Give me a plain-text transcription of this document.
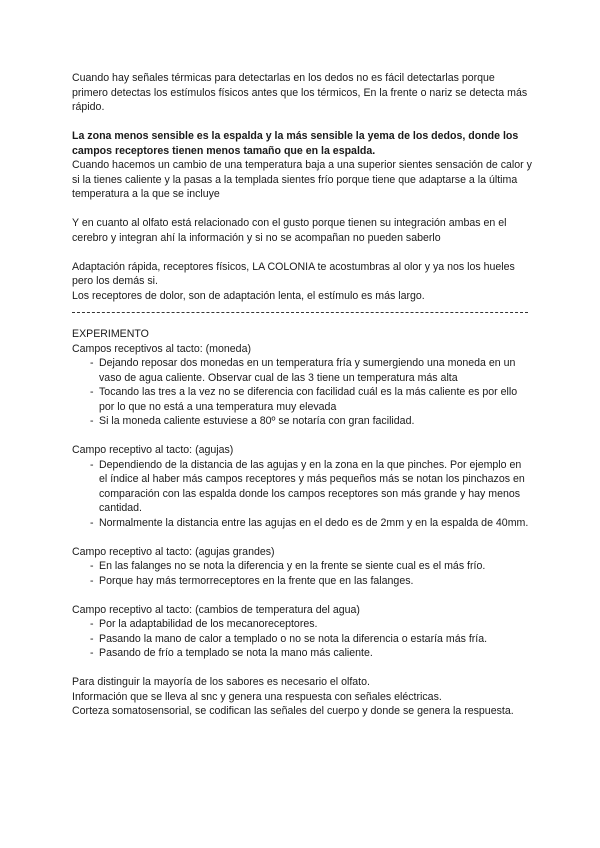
Cuando hay señales térmicas para detectarlas en los dedos no es fácil detectarlas porque primero detectas los estímulos físicos antes que los térmicos, En la frente o nariz se detecta más rápido.

La zona menos sensible es la espalda y la más sensible la yema de los dedos, donde los campos receptores tienen menos tamaño que en la espalda.

Cuando hacemos un cambio de una temperatura baja a una superior sientes sensación de calor y si la tienes caliente y la pasas a la templada sientes frío porque tiene que adaptarse a la última temperatura a la que se incluye

Y en cuanto al olfato está relacionado con el gusto porque tienen su integración ambas en el cerebro y integran ahí la información y si no se acompañan no pueden saberlo

Adaptación rápida, receptores físicos, LA COLONIA te acostumbras al olor y ya nos los hueles pero los demás si.

Los receptores de dolor, son de adaptación lenta, el estímulo es más largo.

EXPERIMENTO

Campos receptivos al tacto: (moneda)

- Dejando reposar dos monedas en un temperatura fría y sumergiendo una moneda en un vaso de agua caliente. Observar cual de las 3 tiene un temperatura más alta
- Tocando las tres a la vez no se diferencia con facilidad cuál es la más caliente es por ello por lo que no está a una temperatura muy elevada
- Si la moneda caliente estuviese a 80º se notaría con gran facilidad.

Campo receptivo al tacto: (agujas)

- Dependiendo de la distancia de las agujas y en la zona en la que pinches. Por ejemplo en el índice al haber más campos receptores y más pequeños más se notan los pinchazos en comparación con las espalda donde los campos receptores son más grande y hay menos cantidad.
- Normalmente la distancia entre las agujas en el dedo es de 2mm y en la espalda de 40mm.

Campo receptivo al tacto: (agujas grandes)

- En las falanges no se nota la diferencia y en la frente se siente cual es el más frío.
- Porque hay más termorreceptores en la frente que en las falanges.

Campo receptivo al tacto: (cambios de temperatura del agua)

- Por la adaptabilidad de los mecanoreceptores.
- Pasando la mano de calor a templado o no se nota la diferencia o estaría más fría.
- Pasando de frío a templado se nota la mano más caliente.

Para distinguir la mayoría de los sabores es necesario el olfato.

Información que se lleva al snc y genera una respuesta con señales eléctricas.

Corteza somatosensorial, se codifican las señales del cuerpo y donde se genera la respuesta.
